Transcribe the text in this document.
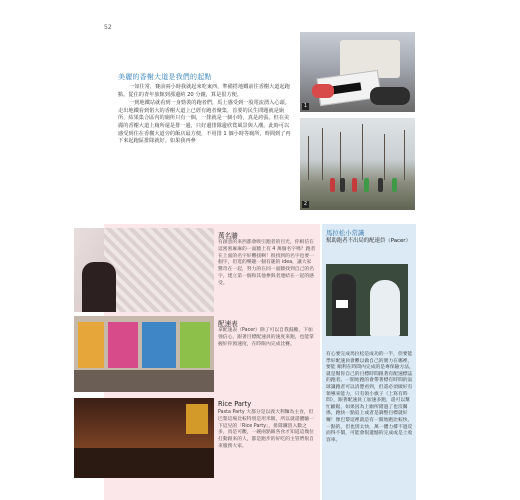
52
美麗的香榭大道是我們的起點

一如往常，賽前兩小時我就起來吃東西，準備搭地鐵前往香榭大道起跑點。從住的青年旅館到那邊約 20 分鐘，算是很方便。

一到地鐵站就看到一身勁裝的跑者們，馬上感受到一股電流湧入心頭。走出地鐵看到偌大的香榭大道上已經有跑者聚集，首要的民生問題就是廁所，結果集合區內的廁所只有一個，一排就是一個小時，真是誇張。但在美麗的香榭大道上廁所還是排一邊，只好邊排隊邊欣賞風景與人潮。此時可以感受到住在香榭大道旁的飯店最方便，不用排 1 個小時等廁所，時間到了再下來起跑區排隊就好。如果我再參

1
2
萬名牆
有創意的來西都會吸引跑者的目光，你相信在這密密麻麻的一面牆上有 4 萬個名字嗎？跑者在上面的名字好難找啊！很找到的名字也要一個字，但逛的樂趣一個有趣的 idea，讓大家驚奇在一起，努力的在同一面牆找到自己的名字，建立第一個和其他參與者連結在一起的感受。
配速表
拿配速表（Pacer）除了可以自我鼓勵，下加強信心，跟著目標配速員的速度來跑，也能掌握好你預速度，在時限內完成比賽。
Rice Party
Pasta Party 大都分是以義大利麵為主食，但巴黎這場比較特別是用米飯，所以就還體驗一下這兒的「Rice Party」，排隊購買入數之多，真是可觀，一碗兩點飯各食才知道這幾位打動跟來的人，都是跑步的好吃的主管們很自來服務大家。
馬拉松小常識
幫助跑者不出局的配速員（Pacer）
有心要完成馬拉松是成功的一半，但要能學好配速員會難以做自己的實力在哪裡，要能 順利在時間內完成的是專保險方法，就是幫你自己的目標時間跟著有配速標誌的跑者。一開始跑的會帶著標有時間的氣球讓跑者可以清楚看到，但還必須做好有領導來能力，只有領小旗子（上寫有時間），跟著配速員工加速多跑，還可以幫忙顧鬆，如果因為上廁所錯過了也沒關係，跑快一點追上或者是調整目標就好囉！像巴黎這裡就是有一開始跑比較快，一點的，但也別太快，萬一體力撐不過反而得不償，可能會很遺憾的完成或是上收容車。
